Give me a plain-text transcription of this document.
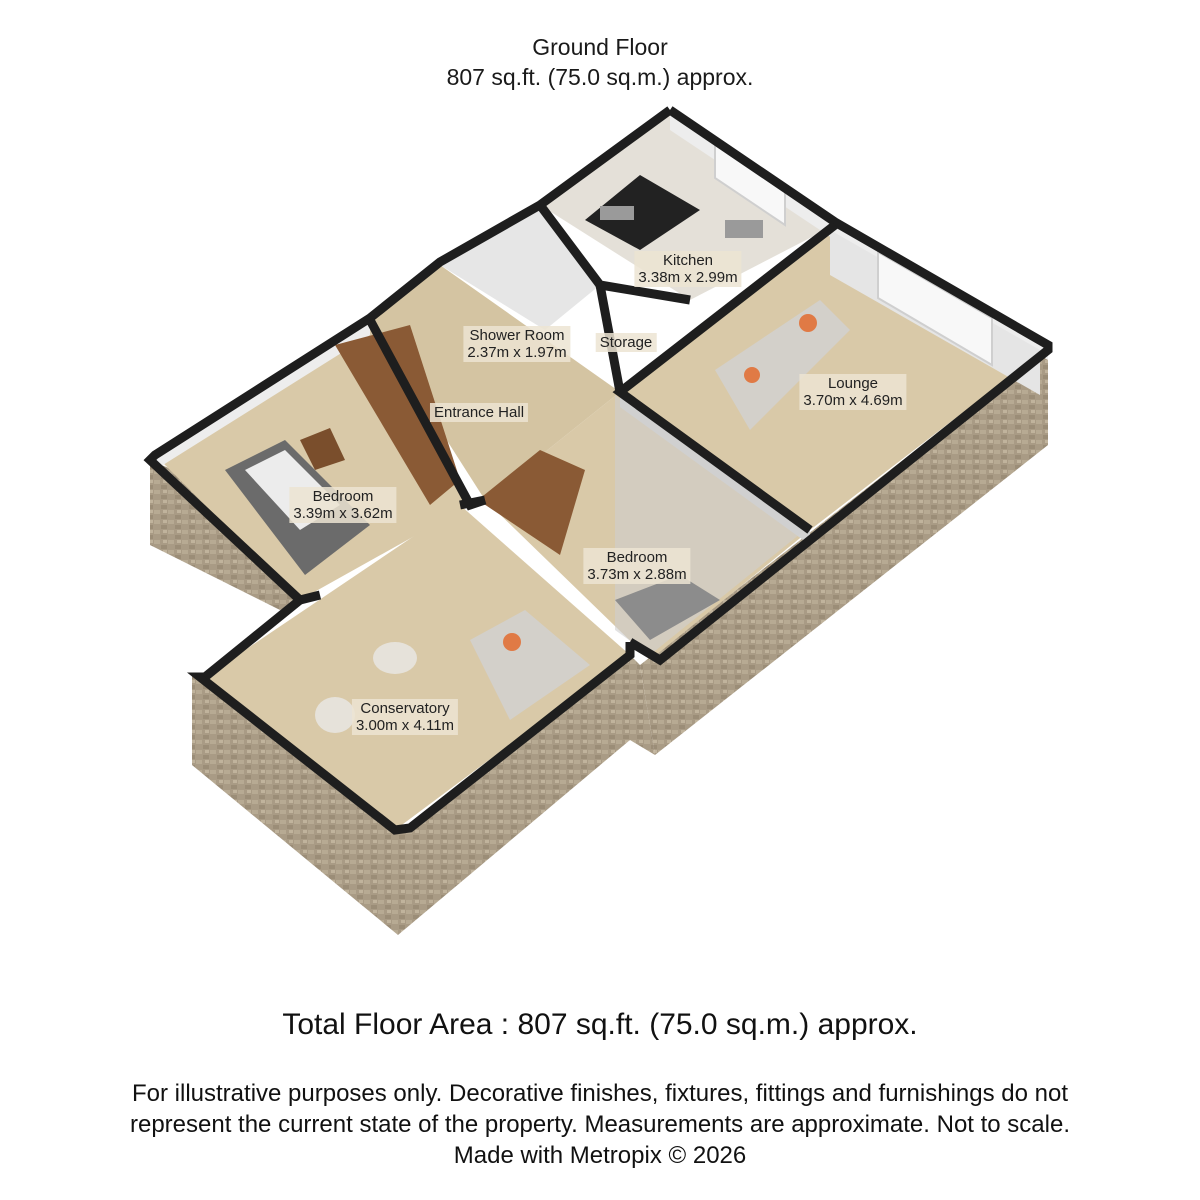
Ground Floor
807 sq.ft. (75.0 sq.m.) approx.
Kitchen
3.38m x 2.99m
Shower Room
2.37m x 1.97m
Storage
Lounge
3.70m x 4.69m
Entrance Hall
Bedroom
3.39m x 3.62m
Bedroom
3.73m x 2.88m
Conservatory
3.00m x 4.11m
Total Floor Area : 807 sq.ft. (75.0 sq.m.) approx.
For illustrative purposes only. Decorative finishes, fixtures, fittings and furnishings do not
represent the current state of the property. Measurements are approximate. Not to scale.
Made with Metropix © 2026
